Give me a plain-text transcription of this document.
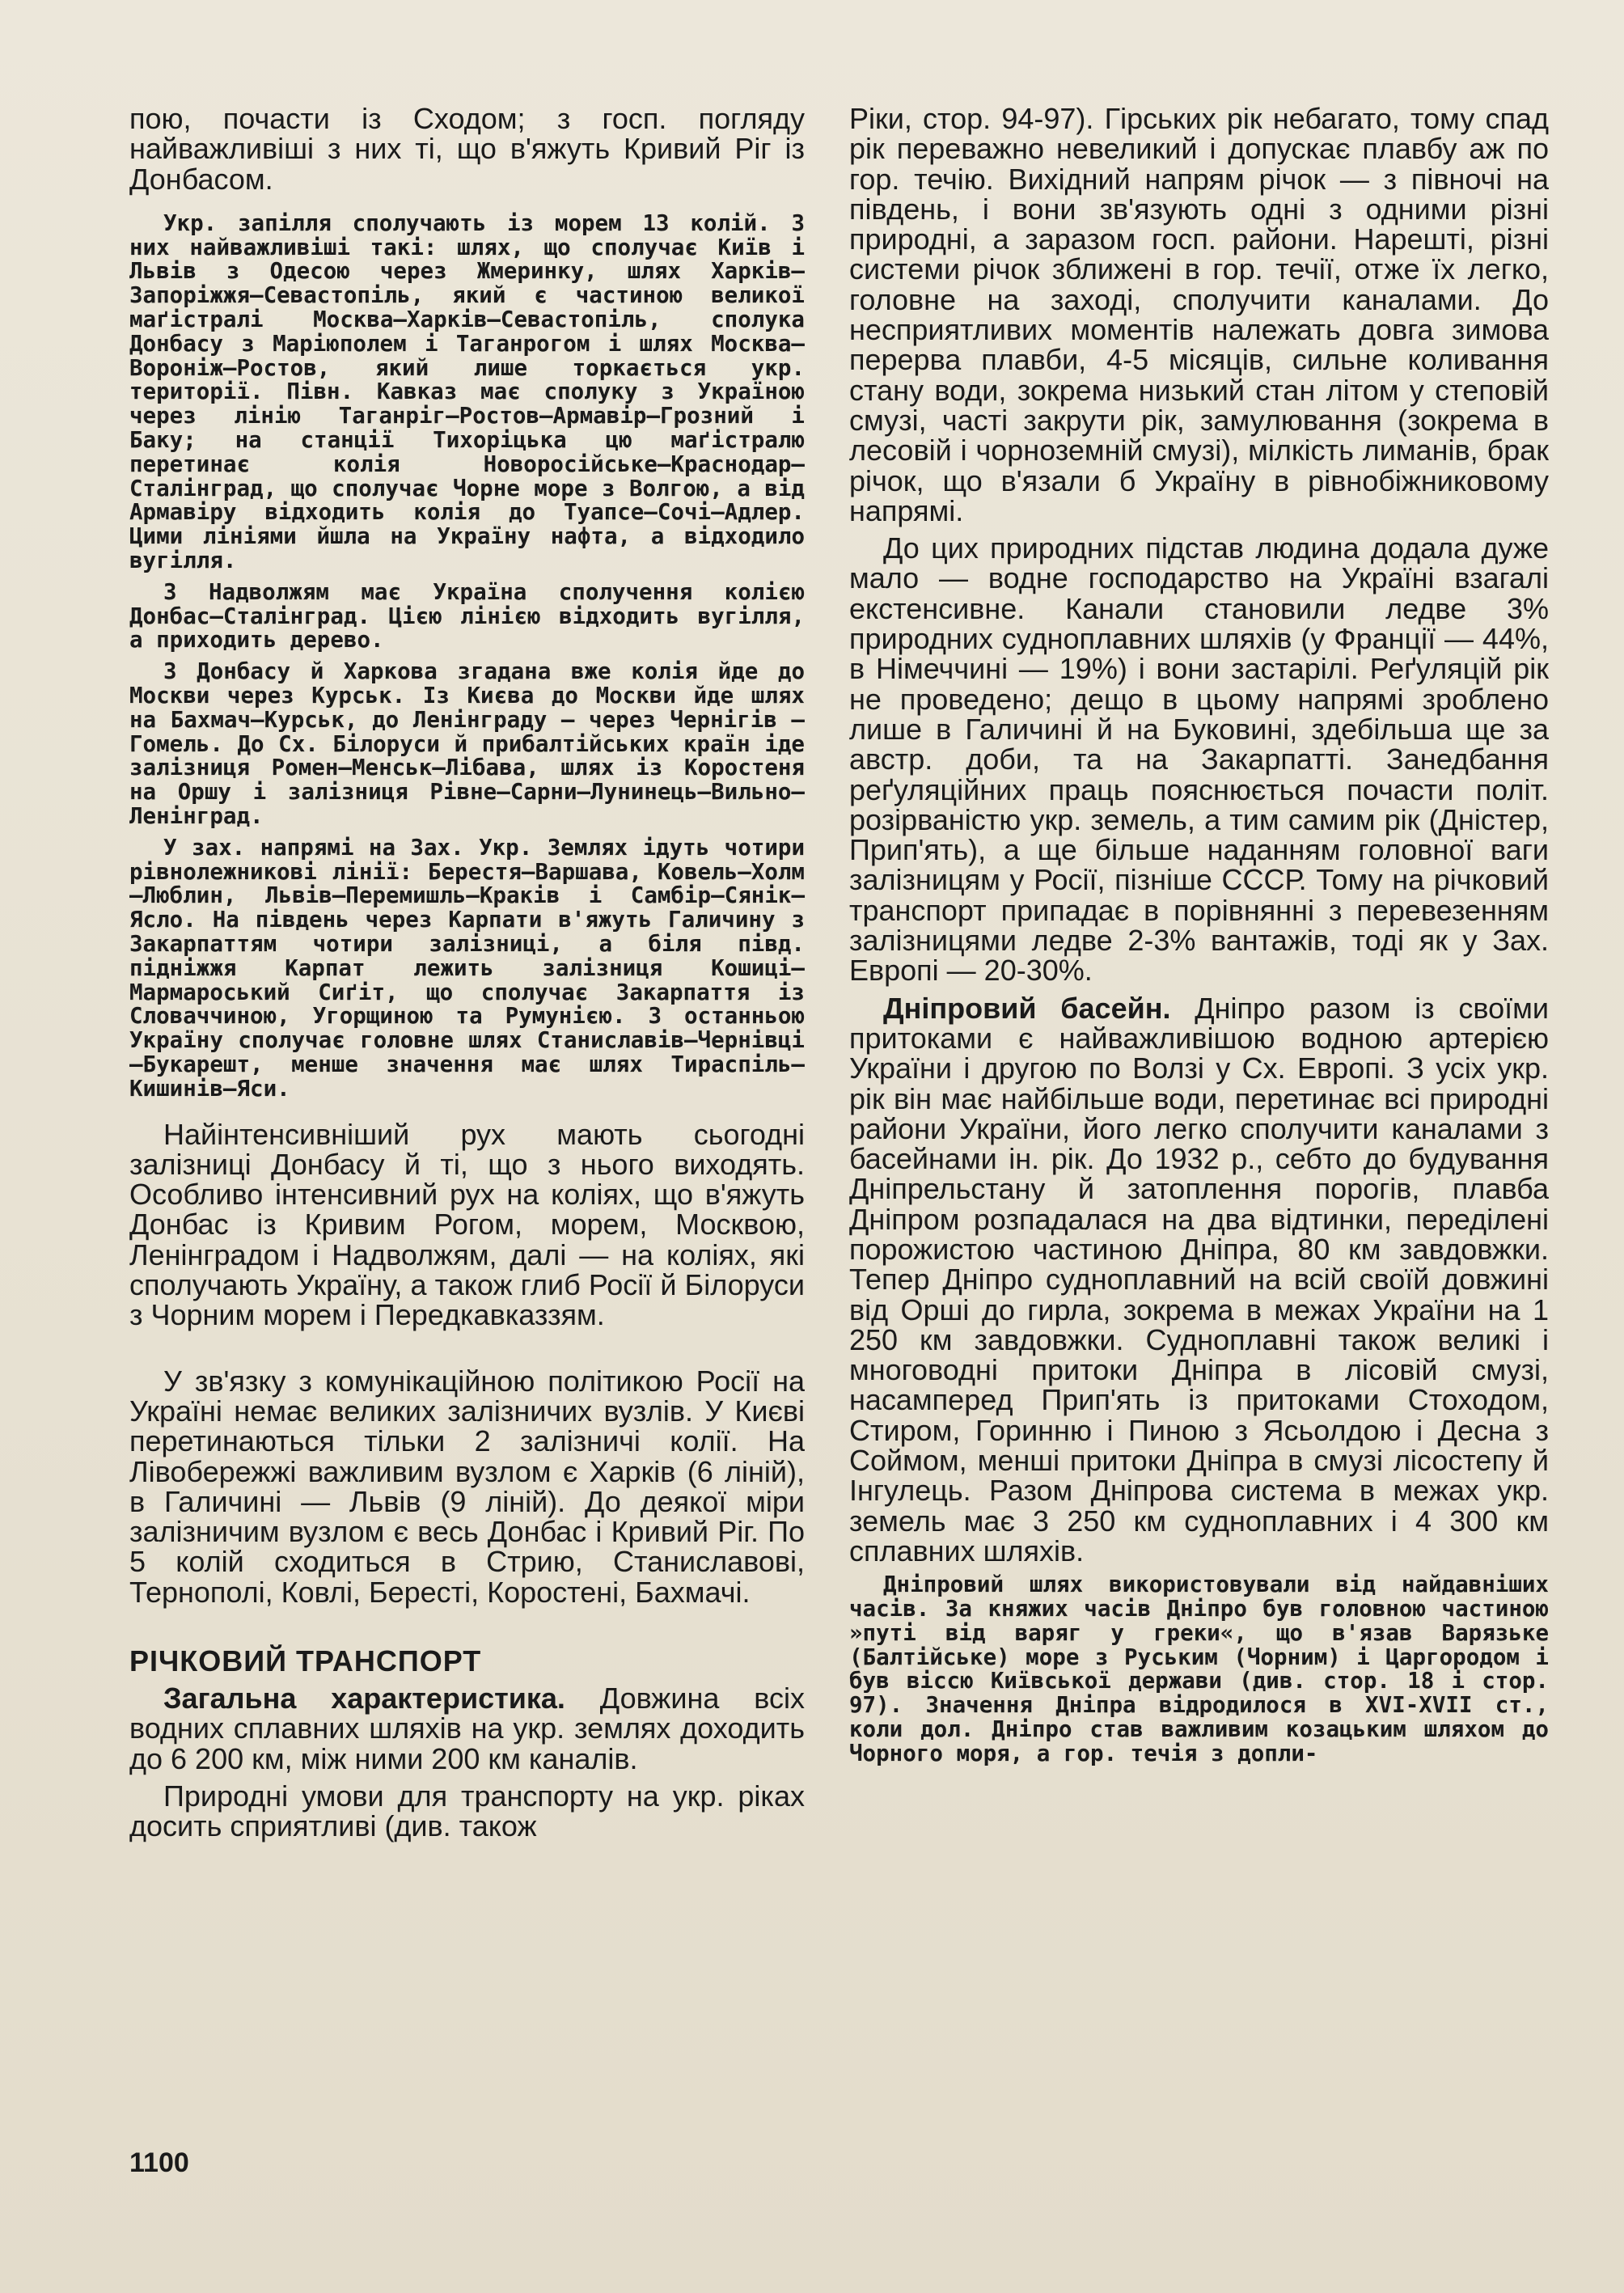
пою, почасти із Сходом; з госп. погляду найважливіші з них ті, що в'яжуть Кривий Ріг із Донбасом.

Укр. запілля сполучають із морем 13 колій. З них найважливіші такі: шлях, що сполучає Київ і Львів з Одесою через Жмеринку, шлях Харків—Запоріжжя—Севастопіль, який є частиною великої маґістралі Москва—Харків—Севастопіль, сполука Донбасу з Маріюполем і Таганрогом і шлях Москва—Вороніж—Ростов, який лише торкається укр. території. Півн. Кавказ має сполуку з Україною через лінію Таганріг—Ростов—Армавір—Грозний і Баку; на станції Тихоріцька цю маґістралю перетинає колія Новоросійське—Краснодар—Сталінград, що сполучає Чорне море з Волгою, а від Армавіру відходить колія до Туапсе—Сочі—Адлер. Цими лініями йшла на Україну нафта, а відходило вугілля.

З Надволжям має Україна сполучення колією Донбас—Сталінград. Цією лінією відходить вугілля, а приходить дерево.

З Донбасу й Харкова згадана вже колія йде до Москви через Курськ. Із Києва до Москви йде шлях на Бахмач—Курськ, до Ленінграду — через Чернігів — Гомель. До Сх. Білоруси й прибалтійських країн іде залізниця Ромен—Менськ—Лібава, шлях із Коростеня на Оршу і залізниця Рівне—Сарни—Лунинець—Вильно—Ленінград.

У зах. напрямі на Зах. Укр. Землях ідуть чотири рівнолежникові лінії: Берестя—Варшава, Ковель—Холм—Люблин, Львів—Перемишль—Краків і Самбір—Сянік—Ясло. На південь через Карпати в'яжуть Галичину з Закарпаттям чотири залізниці, а біля півд. підніжжя Карпат лежить залізниця Кошиці—Мармароський Сиґіт, що сполучає Закарпаття із Словаччиною, Угорщиною та Румунією. З останньою Україну сполучає головне шлях Станиславів—Чернівці—Букарешт, менше значення має шлях Тираспіль—Кишинів—Яси.

Найінтенсивніший рух мають сьогодні залізниці Донбасу й ті, що з нього виходять. Особливо інтенсивний рух на коліях, що в'яжуть Донбас із Кривим Рогом, морем, Москвою, Ленінградом і Надволжям, далі — на коліях, які сполучають Україну, а також глиб Росії й Білоруси з Чорним морем і Передкавказзям.

У зв'язку з комунікаційною політикою Росії на Україні немає великих залізничих вузлів. У Києві перетинаються тільки 2 залізничі колії. На Лівобережжі важливим вузлом є Харків (6 ліній), в Галичині — Львів (9 ліній). До деякої міри залізничим вузлом є весь Донбас і Кривий Ріг. По 5 колій сходиться в Стрию, Станиславові, Тернополі, Ковлі, Бересті, Коростені, Бахмачі.

РІЧКОВИЙ ТРАНСПОРТ

Загальна характеристика. Довжина всіх водних сплавних шляхів на укр. землях доходить до 6 200 км, між ними 200 км каналів.

Природні умови для транспорту на укр. ріках досить сприятливі (див. також

Ріки, стор. 94-97). Гірських рік небагато, тому спад рік переважно невеликий і допускає плавбу аж по гор. течію. Вихідний напрям річок — з півночі на південь, і вони зв'язують одні з одними різні природні, а заразом госп. райони. Нарешті, різні системи річок зближені в гор. течії, отже їх легко, головне на заході, сполучити каналами. До несприятливих моментів належать довга зимова перерва плавби, 4-5 місяців, сильне коливання стану води, зокрема низький стан літом у степовій смузі, часті закрути рік, замулювання (зокрема в лесовій і чорноземній смузі), мілкість лиманів, брак річок, що в'язали б Україну в рівнобіжниковому напрямі.

До цих природних підстав людина додала дуже мало — водне господарство на Україні взагалі екстенсивне. Канали становили ледве 3% природних судноплавних шляхів (у Франції — 44%, в Німеччині — 19%) і вони застарілі. Реґуляцій рік не проведено; дещо в цьому напрямі зроблено лише в Галичині й на Буковині, здебільша ще за австр. доби, та на Закарпатті. Занедбання реґуляційних праць пояснюється почасти політ. розірваністю укр. земель, а тим самим рік (Дністер, Прип'ять), а ще більше наданням головної ваги залізницям у Росії, пізніше СССР. Тому на річковий транспорт припадає в порівнянні з перевезенням залізницями ледве 2-3% вантажів, тоді як у Зах. Европі — 20-30%.

Дніпровий басейн. Дніпро разом із своїми притоками є найважливішою водною артерією України і другою по Волзі у Сх. Европі. З усіх укр. рік він має найбільше води, перетинає всі природні райони України, його легко сполучити каналами з басейнами ін. рік. До 1932 р., себто до будування Дніпрельстану й затоплення порогів, плавба Дніпром розпадалася на два відтинки, переділені порожистою частиною Дніпра, 80 км завдовжки. Тепер Дніпро судноплавний на всій своїй довжині від Орші до гирла, зокрема в межах України на 1 250 км завдовжки. Судноплавні також великі і многоводні притоки Дніпра в лісовій смузі, насамперед Прип'ять із притоками Стоходом, Стиром, Горинню і Пиною з Ясьолдою і Десна з Соймом, менші притоки Дніпра в смузі лісостепу й Інгулець. Разом Дніпрова система в межах укр. земель має 3 250 км судноплавних і 4 300 км сплавних шляхів.

Дніпровий шлях використовували від найдавніших часів. За княжих часів Дніпро був головною частиною »путі від варяг у греки«, що в'язав Варязьке (Балтійське) море з Руським (Чорним) і Царгородом і був віссю Київської держави (див. стор. 18 і стор. 97). Значення Дніпра відродилося в XVI-XVII ст., коли дол. Дніпро став важливим козацьким шляхом до Чорного моря, а гор. течія з допли-

1100
